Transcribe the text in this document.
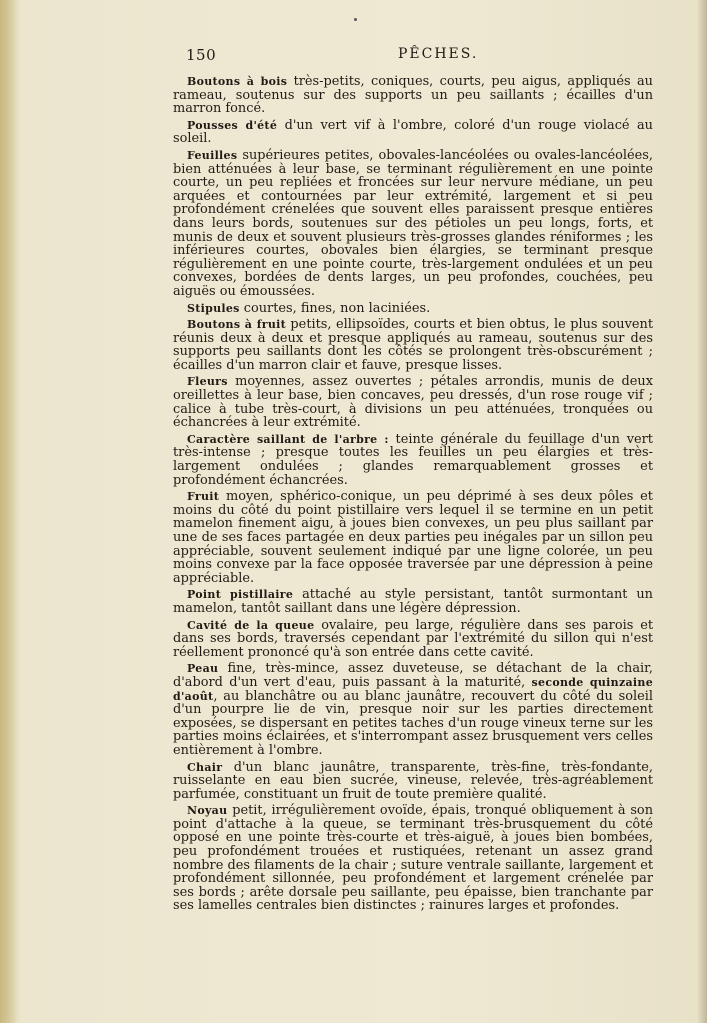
150	PÊCHES.

Boutons à bois très-petits, coniques, courts, peu aigus, appliqués au rameau, soutenus sur des supports un peu saillants ; écailles d'un marron foncé.

Pousses d'été d'un vert vif à l'ombre, coloré d'un rouge violacé au soleil.

Feuilles supérieures petites, obovales-lancéolées ou ovales-lancéolées, bien atténuées à leur base, se terminant régulièrement en une pointe courte, un peu repliées et froncées sur leur nervure médiane, un peu arquées et contournées par leur extrémité, largement et si peu profondément crénelées que souvent elles paraissent presque entières dans leurs bords, soutenues sur des pétioles un peu longs, forts, et munis de deux et souvent plusieurs très-grosses glandes réniformes ; les inférieures courtes, obovales bien élargies, se terminant presque régulièrement en une pointe courte, très-largement ondulées et un peu convexes, bordées de dents larges, un peu profondes, couchées, peu aiguës ou émoussées.

Stipules courtes, fines, non laciniées.

Boutons à fruit petits, ellipsoïdes, courts et bien obtus, le plus souvent réunis deux à deux et presque appliqués au rameau, soutenus sur des supports peu saillants dont les côtés se prolongent très-obscurément ; écailles d'un marron clair et fauve, presque lisses.

Fleurs moyennes, assez ouvertes ; pétales arrondis, munis de deux oreillettes à leur base, bien concaves, peu dressés, d'un rose rouge vif ; calice à tube très-court, à divisions un peu atténuées, tronquées ou échancrées à leur extrémité.

Caractère saillant de l'arbre : teinte générale du feuillage d'un vert très-intense ; presque toutes les feuilles un peu élargies et très-largement ondulées ; glandes remarquablement grosses et profondément échancrées.

Fruit moyen, sphérico-conique, un peu déprimé à ses deux pôles et moins du côté du point pistillaire vers lequel il se termine en un petit mamelon finement aigu, à joues bien convexes, un peu plus saillant par une de ses faces partagée en deux parties peu inégales par un sillon peu appréciable, souvent seulement indiqué par une ligne colorée, un peu moins convexe par la face opposée traversée par une dépression à peine appréciable.

Point pistillaire attaché au style persistant, tantôt surmontant un mamelon, tantôt saillant dans une légère dépression.

Cavité de la queue ovalaire, peu large, régulière dans ses parois et dans ses bords, traversés cependant par l'extrémité du sillon qui n'est réellement prononcé qu'à son entrée dans cette cavité.

Peau fine, très-mince, assez duveteuse, se détachant de la chair, d'abord d'un vert d'eau, puis passant à la maturité, seconde quinzaine d'août, au blanchâtre ou au blanc jaunâtre, recouvert du côté du soleil d'un pourpre lie de vin, presque noir sur les parties directement exposées, se dispersant en petites taches d'un rouge vineux terne sur les parties moins éclairées, et s'interrompant assez brusquement vers celles entièrement à l'ombre.

Chair d'un blanc jaunâtre, transparente, très-fine, très-fondante, ruisselante en eau bien sucrée, vineuse, relevée, très-agréablement parfumée, constituant un fruit de toute première qualité.

Noyau petit, irrégulièrement ovoïde, épais, tronqué obliquement à son point d'attache à la queue, se terminant très-brusquement du côté opposé en une pointe très-courte et très-aiguë, à joues bien bombées, peu profondément trouées et rustiquées, retenant un assez grand nombre des filaments de la chair ; suture ventrale saillante, largement et profondément sillonnée, peu profondément et largement crénelée par ses bords ; arête dorsale peu saillante, peu épaisse, bien tranchante par ses lamelles centrales bien distinctes ; rainures larges et profondes.
